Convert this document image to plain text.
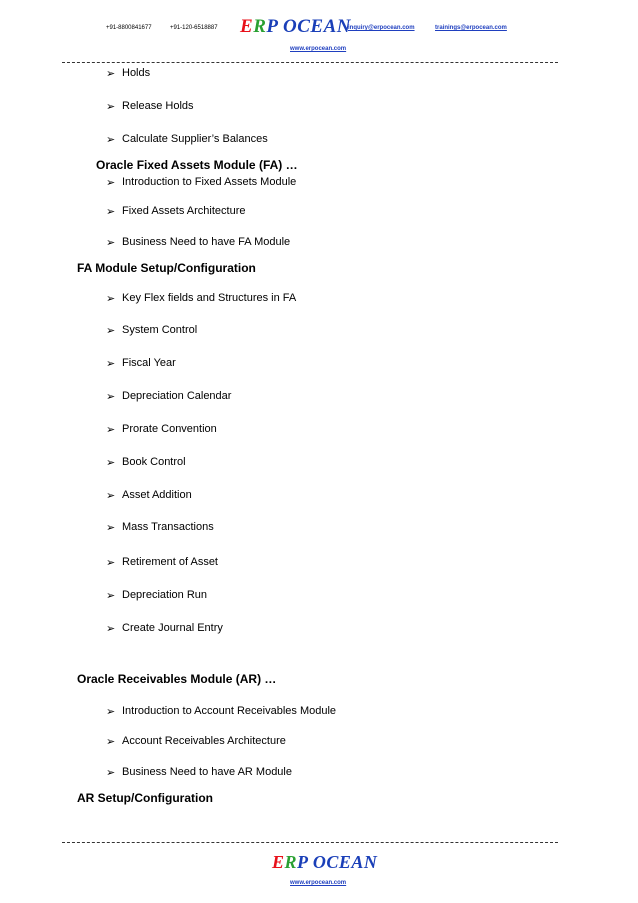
+91-8800841677	+91-120-6518887 ERP OCEAN
inquiry@erpocean.com	trainings@erpocean.com
www.erpocean.com
➢ Holds
➢ Release Holds
➢ Calculate Supplier’s Balances
Oracle Fixed Assets Module (FA) …
➢ Introduction to Fixed Assets Module
➢ Fixed Assets Architecture
➢ Business Need to have FA Module
FA Module Setup/Configuration
➢ Key Flex fields and Structures in FA
➢ System Control
➢ Fiscal Year
➢ Depreciation Calendar
➢ Prorate Convention
➢ Book Control
➢ Asset Addition
➢ Mass Transactions
➢ Retirement of Asset
➢ Depreciation Run
➢ Create Journal Entry
Oracle Receivables Module (AR) …
➢ Introduction to Account Receivables Module
➢ Account Receivables Architecture
➢ Business Need to have AR Module
AR Setup/Configuration
ERP OCEAN
www.erpocean.com
